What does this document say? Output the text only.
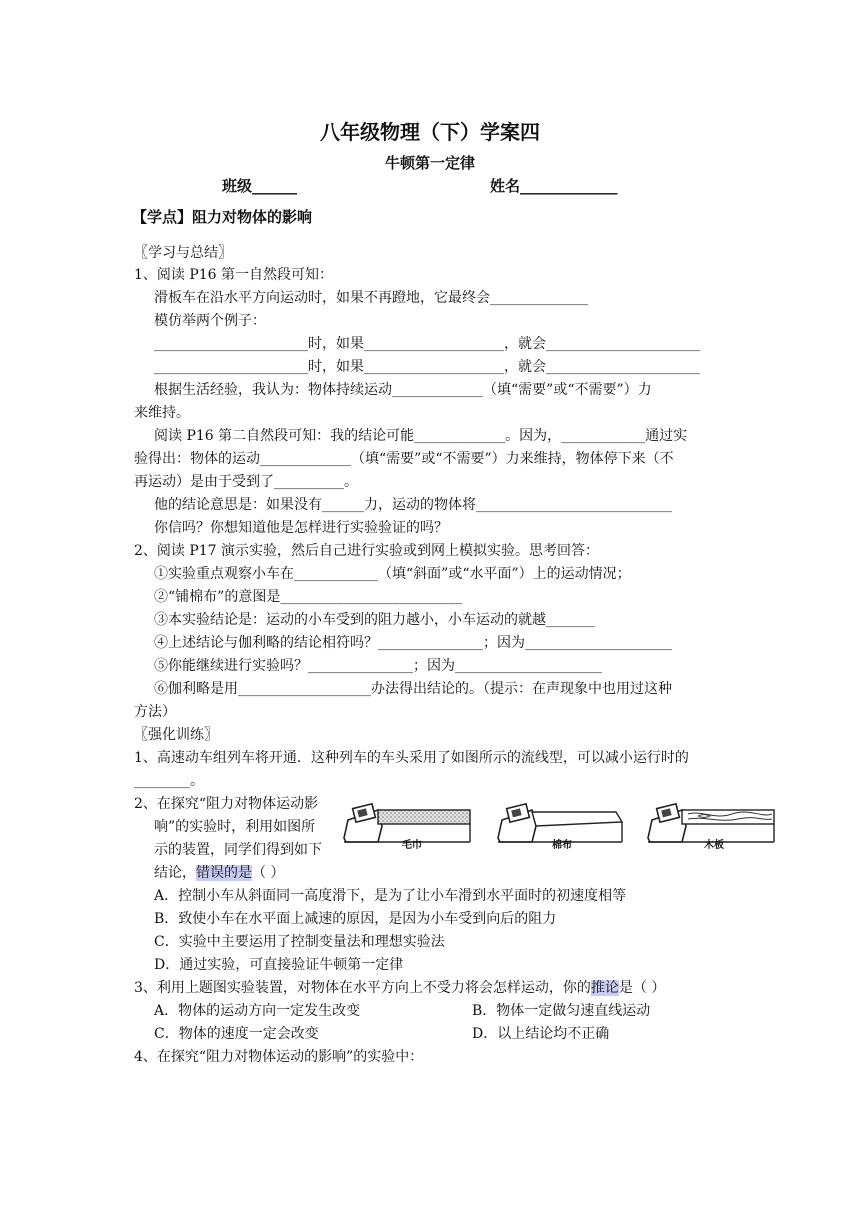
八年级物理（下）学案四
牛顿第一定律
班级______	姓名_____________
【学点】阻力对物体的影响
〖学习与总结〗
1、阅读 P16 第一自然段可知：
滑板车在沿水平方向运动时，如果不再蹬地，它最终会______________
模仿举两个例子：
______________________时，如果____________________，就会______________________
______________________时，如果____________________，就会______________________
根据生活经验，我认为：物体持续运动_____________（填“需要”或“不需要”）力
来维持。
阅读 P16 第二自然段可知：我的结论可能_____________。因为，____________通过实
验得出：物体的运动_____________（填“需要”或“不需要”）力来维持，物体停下来（不
再运动）是由于受到了__________。
他的结论意思是：如果没有______力，运动的物体将____________________________
你信吗？你想知道他是怎样进行实验验证的吗？
2、阅读 P17 演示实验，然后自己进行实验或到网上模拟实验。思考回答：
①实验重点观察小车在____________（填“斜面”或“水平面”）上的运动情况；
②“铺棉布”的意图是__________________________
③本实验结论是：运动的小车受到的阻力越小，小车运动的就越_______
④上述结论与伽利略的结论相符吗？_______________；因为_____________________
⑤你能继续进行实验吗？_______________；因为_____________________
⑥伽利略是用___________________办法得出结论的。（提示：在声现象中也用过这种
方法）
〖强化训练〗
1、高速动车组列车将开通．这种列车的车头采用了如图所示的流线型，可以减小运行时的
________。
2、在探究“阻力对物体运动影
响”的实验时，利用如图所
示的装置，同学们得到如下
结论，错误的是（ ）
毛巾	棉布	木板
A．控制小车从斜面同一高度滑下，是为了让小车滑到水平面时的初速度相等
B．致使小车在水平面上减速的原因，是因为小车受到向后的阻力
C．实验中主要运用了控制变量法和理想实验法
D．通过实验，可直接验证牛顿第一定律
3、利用上题图实验装置，对物体在水平方向上不受力将会怎样运动，你的推论是（ ）
A．物体的运动方向一定发生改变	B．物体一定做匀速直线运动
C．物体的速度一定会改变	D．以上结论均不正确
4、在探究“阻力对物体运动的影响”的实验中：
